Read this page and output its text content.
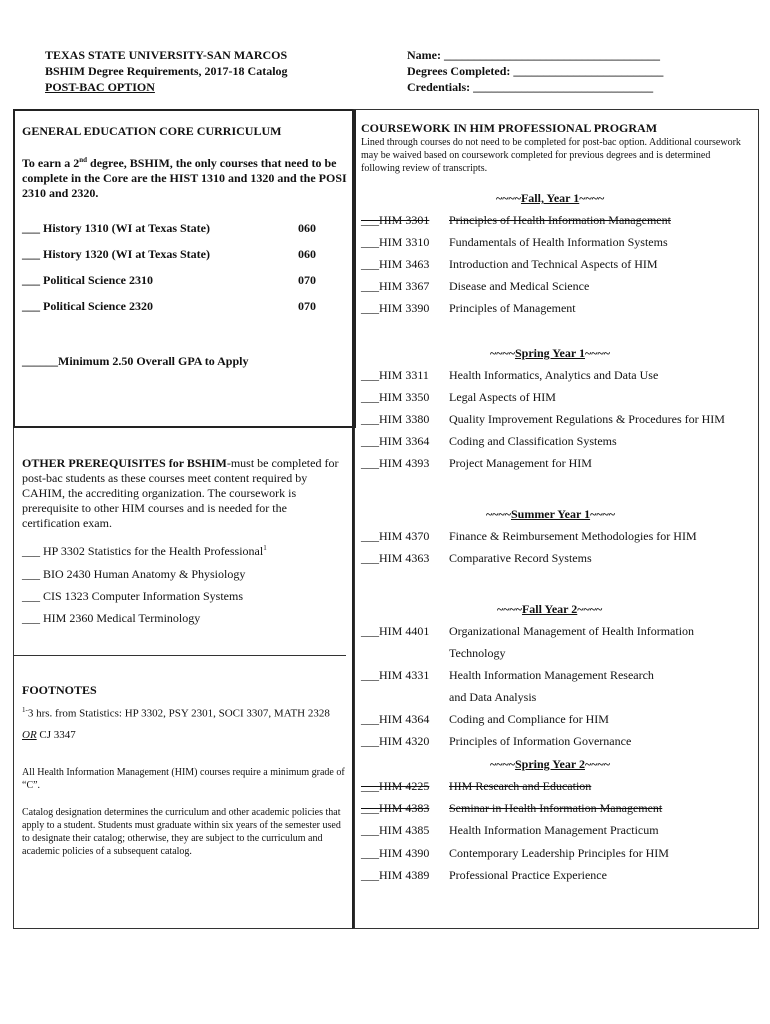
TEXAS STATE UNIVERSITY-SAN MARCOS
BSHIM Degree Requirements, 2017-18 Catalog
POST-BAC OPTION
Name: ____________________________________
Degrees Completed: _________________________
Credentials: ______________________________
GENERAL EDUCATION CORE CURRICULUM
To earn a 2nd degree, BSHIM, the only courses that need to be complete in the Core are the HIST 1310 and 1320 and the POSI 2310 and 2320.
___ History 1310 (WI at Texas State)	060
___ History 1320 (WI at Texas State)	060
___ Political Science 2310	070
___ Political Science 2320	070
______Minimum 2.50 Overall GPA to Apply
OTHER PREREQUISITES for BSHIM-must be completed for post-bac students as these courses meet content required by CAHIM, the accrediting organization. The coursework is prerequisite to other HIM courses and is needed for the certification exam.
___ HP 3302 Statistics for the Health Professional$^1$
___ BIO 2430 Human Anatomy & Physiology
___ CIS 1323 Computer Information Systems
___ HIM 2360 Medical Terminology
FOOTNOTES
$^{1-}$3 hrs. from Statistics: HP 3302, PSY 2301, SOCI 3307, MATH 2328
OR CJ 3347
All Health Information Management (HIM) courses require a minimum grade of “C”.
Catalog designation determines the curriculum and other academic policies that apply to a student. Students must graduate within six years of the semester used to designate their catalog; otherwise, they are subject to the curriculum and academic policies of a subsequent catalog.
COURSEWORK IN HIM PROFESSIONAL PROGRAM
Lined through courses do not need to be completed for post-bac option. Additional coursework may be waived based on coursework completed for previous degrees and is determined following review of transcripts.
~~~~Fall, Year 1~~~~
___HIM 3301 Principles of Health Information Management
___HIM 3310 Fundamentals of Health Information Systems
___HIM 3463 Introduction and Technical Aspects of HIM
___HIM 3367 Disease and Medical Science
___HIM 3390 Principles of Management
~~~~Spring Year 1~~~~
___HIM 3311 Health Informatics, Analytics and Data Use
___HIM 3350 Legal Aspects of HIM
___HIM 3380 Quality Improvement Regulations & Procedures for HIM
___HIM 3364 Coding and Classification Systems
___HIM 4393 Project Management for HIM
~~~~Summer Year 1~~~~
___HIM 4370 Finance & Reimbursement Methodologies for HIM
___HIM 4363 Comparative Record Systems
~~~~Fall Year 2~~~~
___HIM 4401 Organizational Management of Health Information
Technology
___HIM 4331 Health Information Management Research
and Data Analysis
___HIM 4364 Coding and Compliance for HIM
___HIM 4320 Principles of Information Governance
~~~~Spring Year 2~~~~
___HIM 4225 HIM Research and Education
___HIM 4383 Seminar in Health Information Management
___HIM 4385 Health Information Management Practicum
___HIM 4390 Contemporary Leadership Principles for HIM
___HIM 4389 Professional Practice Experience
